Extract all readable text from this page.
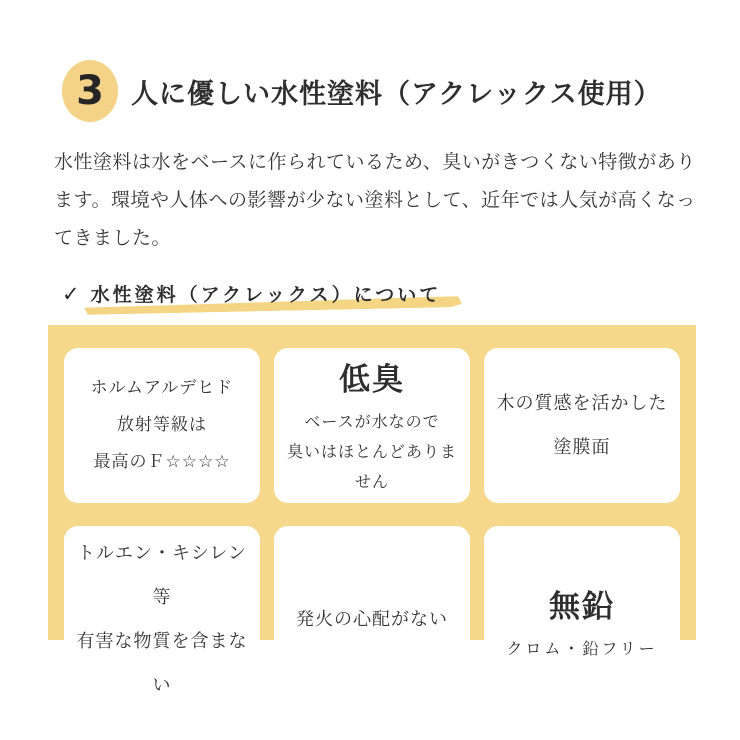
3	人に優しい水性塗料（アクレックス使用）

水性塗料は水をベースに作られているため、臭いがきつくない特徴があり
ます。環境や人体への影響が少ない塗料として、近年では人気が高くなっ
てきました。

✓ 水性塗料（アクレックス）について
ホルムアルデヒド
放射等級は
最高のＦ☆☆☆☆
低臭
ベースが水なので
臭いはほとんどありません
木の質感を活かした
塗膜面
トルエン・キシレン等
有害な物質を含まない
発火の心配がない	無鉛
クロム・鉛フリー
